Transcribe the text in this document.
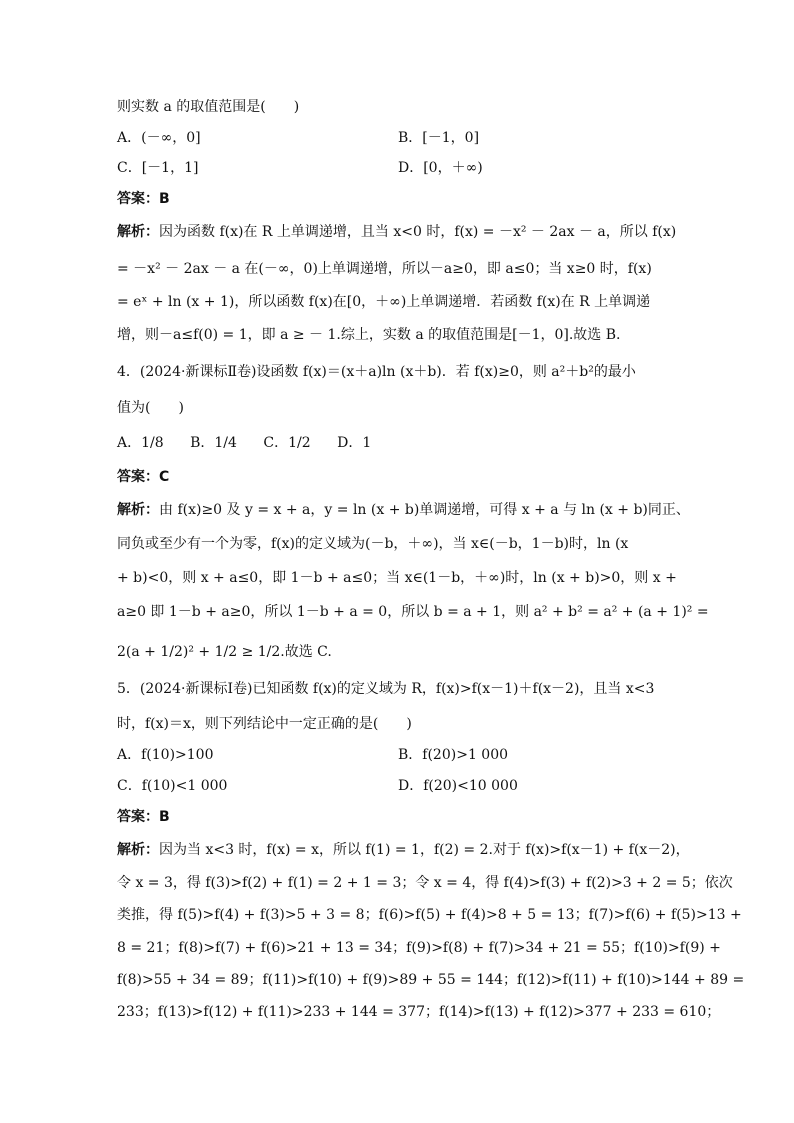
则实数 a 的取值范围是(　　)
A．(－∞，0]	B．[－1，0]
C．[－1，1]	D．[0，＋∞)
答案：B
解析：因为函数 f(x)在 R 上单调递增，且当 x<0 时，f(x) = －x² － 2ax － a，所以 f(x)
= －x² － 2ax － a 在(－∞，0)上单调递增，所以－a≥0，即 a≤0；当 x≥0 时，f(x)
= eˣ + ln (x + 1)，所以函数 f(x)在[0，＋∞)上单调递增．若函数 f(x)在 R 上单调递
增，则－a≤f(0) = 1，即 a ≥ － 1.综上，实数 a 的取值范围是[－1，0].故选 B.
4．(2024·新课标Ⅱ卷)设函数 f(x)＝(x＋a)ln (x＋b)．若 f(x)≥0，则 a²＋b²的最小
值为(　　)
A．1/8 B．1/4 C．1/2 D．1
答案：C
解析：由 f(x)≥0 及 y = x + a，y = ln (x + b)单调递增，可得 x + a 与 ln (x + b)同正、
同负或至少有一个为零，f(x)的定义域为(－b，＋∞)，当 x∈(－b，1－b)时，ln (x
+ b)<0，则 x + a≤0，即 1－b + a≤0；当 x∈(1－b，＋∞)时，ln (x + b)>0，则 x +
a≥0 即 1－b + a≥0，所以 1－b + a = 0，所以 b = a + 1，则 a² + b² = a² + (a + 1)² =
2(a + 1/2)² + 1/2 ≥ 1/2.故选 C.
5．(2024·新课标Ⅰ卷)已知函数 f(x)的定义域为 R，f(x)>f(x－1)＋f(x－2)，且当 x<3
时，f(x)＝x，则下列结论中一定正确的是(　　)
A．f(10)>100	B．f(20)>1 000
C．f(10)<1 000	D．f(20)<10 000
答案：B
解析：因为当 x<3 时，f(x) = x，所以 f(1) = 1，f(2) = 2.对于 f(x)>f(x－1) + f(x－2)，
令 x = 3，得 f(3)>f(2) + f(1) = 2 + 1 = 3；令 x = 4，得 f(4)>f(3) + f(2)>3 + 2 = 5；依次
类推，得 f(5)>f(4) + f(3)>5 + 3 = 8；f(6)>f(5) + f(4)>8 + 5 = 13；f(7)>f(6) + f(5)>13 +
8 = 21；f(8)>f(7) + f(6)>21 + 13 = 34；f(9)>f(8) + f(7)>34 + 21 = 55；f(10)>f(9) +
f(8)>55 + 34 = 89；f(11)>f(10) + f(9)>89 + 55 = 144；f(12)>f(11) + f(10)>144 + 89 =
233；f(13)>f(12) + f(11)>233 + 144 = 377；f(14)>f(13) + f(12)>377 + 233 = 610；
